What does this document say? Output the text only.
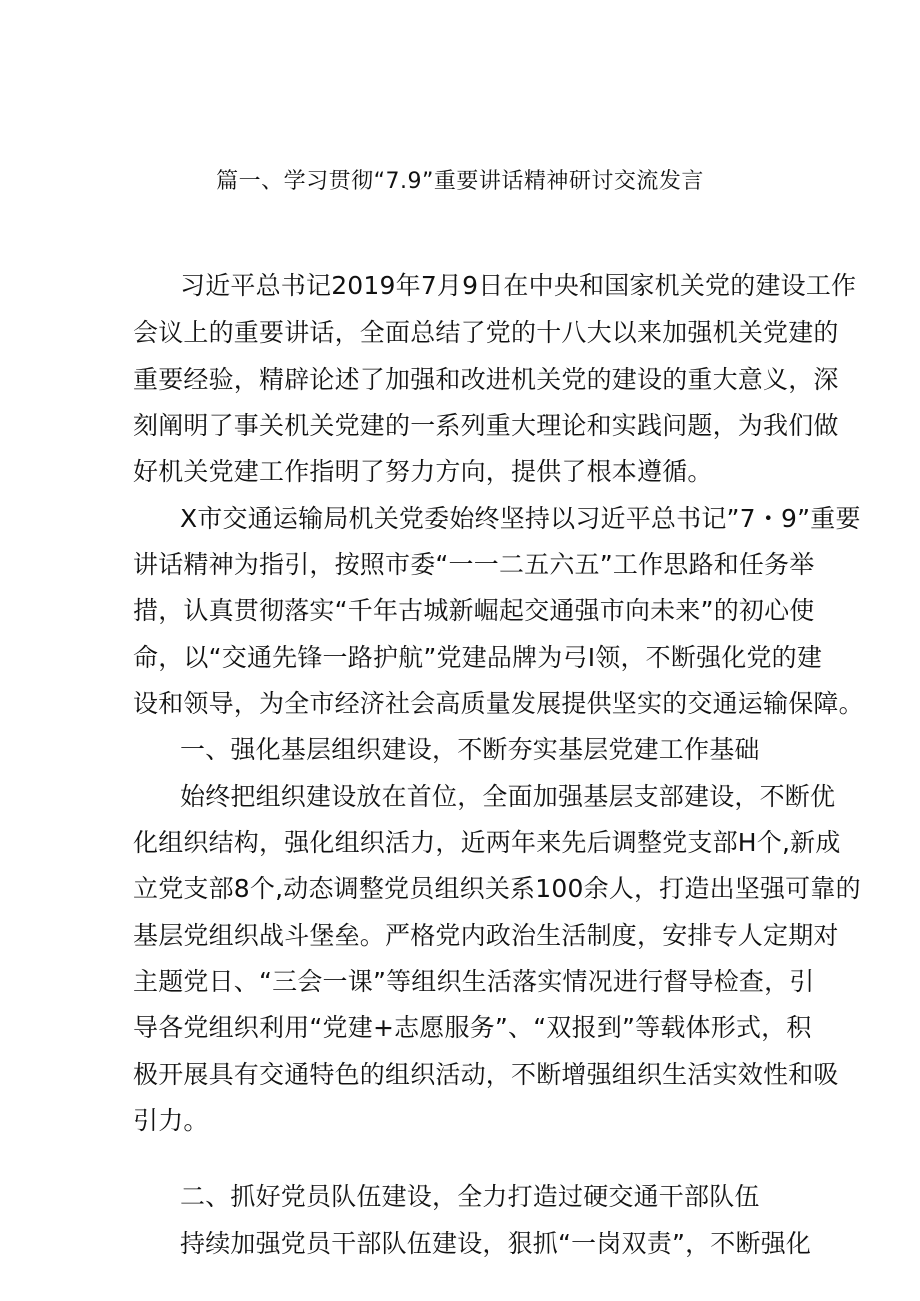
篇一、学习贯彻“7.9”重要讲话精神研讨交流发言
习近平总书记2019年7月9日在中央和国家机关党的建设工作
会议上的重要讲话，全面总结了党的十八大以来加强机关党建的
重要经验，精辟论述了加强和改进机关党的建设的重大意义，深
刻阐明了事关机关党建的一系列重大理论和实践问题，为我们做
好机关党建工作指明了努力方向，提供了根本遵循。
X市交通运输局机关党委始终坚持以习近平总书记”7・9”重要
讲话精神为指引，按照市委“一一二五六五”工作思路和任务举
措，认真贯彻落实“千年古城新崛起交通强市向未来”的初心使
命，以“交通先锋一路护航”党建品牌为弓I领，不断强化党的建
设和领导，为全市经济社会高质量发展提供坚实的交通运输保障。
一、强化基层组织建设，不断夯实基层党建工作基础
始终把组织建设放在首位，全面加强基层支部建设，不断优
化组织结构，强化组织活力，近两年来先后调整党支部H个,新成
立党支部8个,动态调整党员组织关系100余人，打造出坚强可靠的
基层党组织战斗堡垒。严格党内政治生活制度，安排专人定期对
主题党日、“三会一课”等组织生活落实情况进行督导检查，引
导各党组织利用“党建+志愿服务”、“双报到”等载体形式，积
极开展具有交通特色的组织活动，不断增强组织生活实效性和吸
引力。
二、抓好党员队伍建设，全力打造过硬交通干部队伍
持续加强党员干部队伍建设，狠抓“一岗双责”，不断强化
